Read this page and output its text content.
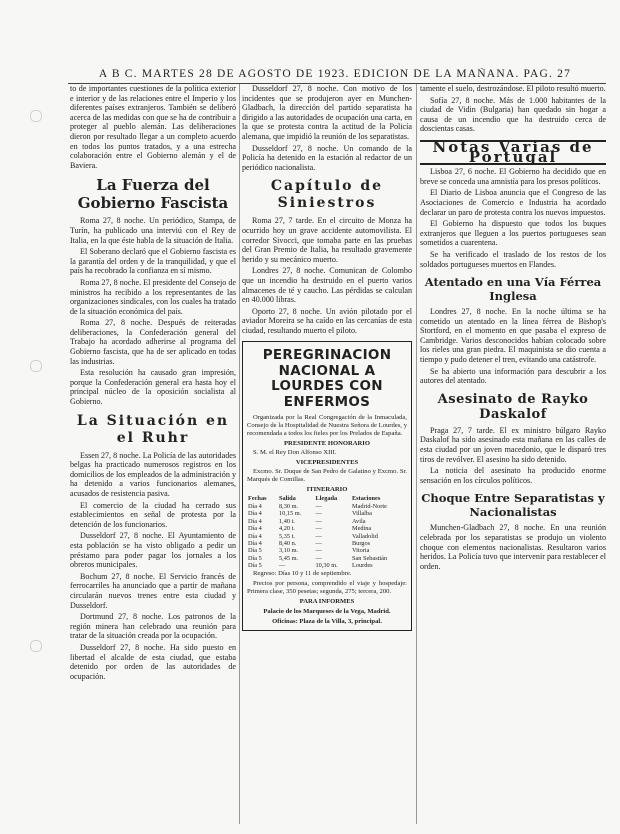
A B C. MARTES 28 DE AGOSTO DE 1923. EDICION DE LA MAÑANA. PAG. 27

to de importantes cuestiones de la política exterior e interior y de las relaciones entre el Imperio y los diferentes países extranjeros. También se deliberó acerca de las medidas con que se ha de contribuir a proteger al pueblo alemán. Las deliberaciones dieron por resultado llegar a un completo acuerdo en todos los puntos tratados, y a una estrecha colaboración entre el Gobierno alemán y el de Baviera.

La Fuerza del Gobierno Fascista

Roma 27, 8 noche. Un periódico, Stampa, de Turín, ha publicado una interviú con el Rey de Italia, en la que éste habla de la situación de Italia.

El Soberano declaró que el Gobierno fascista es la garantía del orden y de la tranquilidad, y que el país ha recobrado la confianza en sí mismo.

Roma 27, 8 noche. El presidente del Consejo de ministros ha recibido a los representantes de las organizaciones sindicales, con los cuales ha tratado de la situación económica del país.

Roma 27, 8 noche. Después de reiteradas deliberaciones, la Confederación general del Trabajo ha acordado adherirse al programa del Gobierno fascista, que ha de ser aplicado en todas las industrias.

Esta resolución ha causado gran impresión, porque la Confederación general era hasta hoy el principal núcleo de la oposición socialista al Gobierno.

La Situación en el Ruhr

Essen 27, 8 noche. La Policía de las autoridades belgas ha practicado numerosos registros en los domicilios de los empleados de la administración y ha detenido a varios funcionarios alemanes, acusados de resistencia pasiva.

El comercio de la ciudad ha cerrado sus establecimientos en señal de protesta por la detención de los funcionarios.

Dusseldorf 27, 8 noche. El Ayuntamiento de esta población se ha visto obligado a pedir un préstamo para poder pagar los jornales a los obreros municipales.

Bochum 27, 8 noche. El Servicio francés de ferrocarriles ha anunciado que a partir de mañana circularán nuevos trenes entre esta ciudad y Dusseldorf.

Dortmund 27, 8 noche. Los patronos de la región minera han celebrado una reunión para tratar de la situación creada por la ocupación.

Dusseldorf 27, 8 noche. Ha sido puesto en libertad el alcalde de esta ciudad, que estaba detenido por orden de las autoridades de ocupación.

Dusseldorf 27, 8 noche. Con motivo de los incidentes que se produjeron ayer en Munchen-Gladbach, la dirección del partido separatista ha dirigido a las autoridades de ocupación una carta, en la que se protesta contra la actitud de la Policía alemana, que impidió la reunión de los separatistas.

Dusseldorf 27, 8 noche. Un comando de la Policía ha detenido en la estación al redactor de un periódico nacionalista.

Capítulo de Siniestros

Roma 27, 7 tarde. En el circuito de Monza ha ocurrido hoy un grave accidente automovilista. El corredor Sivocci, que tomaba parte en las pruebas del Gran Premio de Italia, ha resultado gravemente herido y su mecánico muerto.

Londres 27, 8 noche. Comunican de Colombo que un incendio ha destruido en el puerto varios almacenes de té y caucho. Las pérdidas se calculan en 40.000 libras.

Oporto 27, 8 noche. Un avión pilotado por el aviador Moreira se ha caído en las cercanías de esta ciudad, resultando muerto el piloto.

PEREGRINACION NACIONAL A LOURDES CON ENFERMOS

Organizada por la Real Congregación de la Inmaculada, Consejo de la Hospitalidad de Nuestra Señora de Lourdes, y recomendada a todos los fieles por los Prelados de España.

PRESIDENTE HONORARIO

S. M. el Rey Don Alfonso XIII.

VICEPRESIDENTES

Excmo. Sr. Duque de San Pedro de Galatino y Excmo. Sr. Marqués de Comillas.

ITINERARIO
Fechas	Salida	Llegada	Estaciones
Día 4	8,30 m.	—	Madrid-Norte
Día 4	10,15 m.	—	Villalba
Día 4	1,40 t.	—	Avila
Día 4	4,20 t.	—	Medina
Día 4	5,35 t.	—	Valladolid
Día 4	8,40 n.	—	Burgos
Día 5	3,10 m.	—	Vitoria
Día 5	5,45 m.	—	San Sebastián
Día 5	—	10,30 m.	Lourdes

Regreso: Días 10 y 11 de septiembre.

Precios por persona, comprendido el viaje y hospedaje: Primera clase, 350 pesetas; segunda, 275; tercera, 200.

PARA INFORMES
Palacio de los Marqueses de la Vega, Madrid.
Oficinas: Plaza de la Villa, 3, principal.

tamente el suelo, destrozándose. El piloto resultó muerto.

Sofía 27, 8 noche. Más de 1.000 habitantes de la ciudad de Vidin (Bulgaria) han quedado sin hogar a causa de un incendio que ha destruido cerca de doscientas casas.

Notas Varias de Portugal

Lisboa 27, 6 noche. El Gobierno ha decidido que en breve se conceda una amnistía para los presos políticos.

El Diario de Lisboa anuncia que el Congreso de las Asociaciones de Comercio e Industria ha acordado declarar un paro de protesta contra los nuevos impuestos.

El Gobierno ha dispuesto que todos los buques extranjeros que lleguen a los puertos portugueses sean sometidos a cuarentena.

Se ha verificado el traslado de los restos de los soldados portugueses muertos en Flandes.

Atentado en una Vía Férrea Inglesa

Londres 27, 8 noche. En la noche última se ha cometido un atentado en la línea férrea de Bishop's Stortford, en el momento en que pasaba el expreso de Cambridge. Varios desconocidos habían colocado sobre los rieles una gran piedra. El maquinista se dio cuenta a tiempo y pudo detener el tren, evitando una catástrofe.

Se ha abierto una información para descubrir a los autores del atentado.

Asesinato de Rayko Daskalof

Praga 27, 7 tarde. El ex ministro búlgaro Rayko Daskalof ha sido asesinado esta mañana en las calles de esta ciudad por un joven macedonio, que le disparó tres tiros de revólver. El asesino ha sido detenido.

La noticia del asesinato ha producido enorme sensación en los círculos políticos.

Choque Entre Separatistas y Nacionalistas

Munchen-Gladbach 27, 8 noche. En una reunión celebrada por los separatistas se produjo un violento choque con elementos nacionalistas. Resultaron varios heridos. La Policía tuvo que intervenir para restablecer el orden.
